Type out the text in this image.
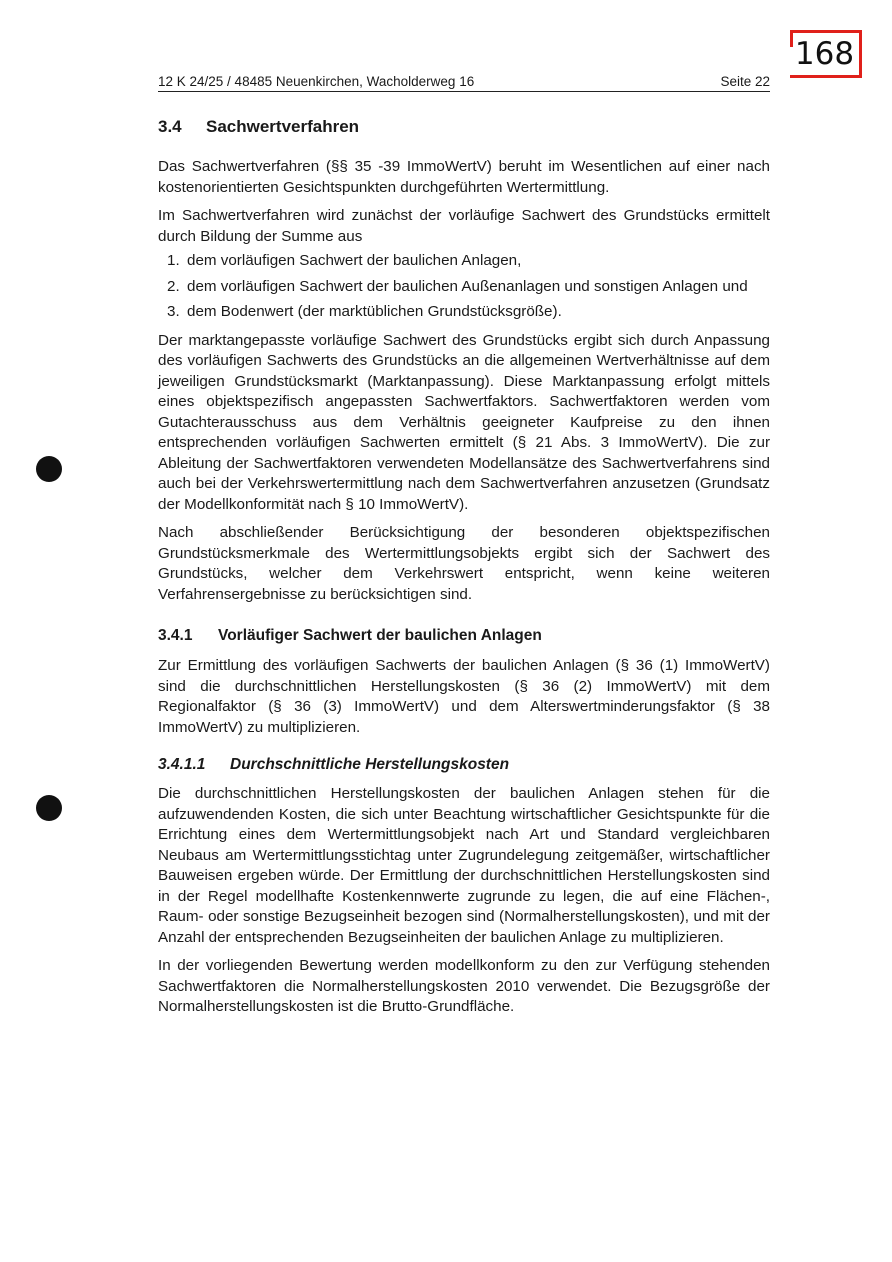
168
12 K 24/25 / 48485 Neuenkirchen, Wacholderweg 16	Seite 22
3.4 Sachwertverfahren

Das Sachwertverfahren (§§ 35 -39 ImmoWertV) beruht im Wesentlichen auf einer nach kostenorientierten Gesichtspunkten durchgeführten Wertermittlung.

Im Sachwertverfahren wird zunächst der vorläufige Sachwert des Grundstücks ermittelt durch Bildung der Summe aus

1. dem vorläufigen Sachwert der baulichen Anlagen,
2. dem vorläufigen Sachwert der baulichen Außenanlagen und sonstigen Anlagen und
3. dem Bodenwert (der marktüblichen Grundstücksgröße).

Der marktangepasste vorläufige Sachwert des Grundstücks ergibt sich durch Anpassung des vorläufigen Sachwerts des Grundstücks an die allgemeinen Wertverhältnisse auf dem jeweiligen Grundstücksmarkt (Marktanpassung). Diese Marktanpassung erfolgt mittels eines objektspezifisch angepassten Sachwertfaktors. Sachwertfaktoren werden vom Gutachterausschuss aus dem Verhältnis geeigneter Kaufpreise zu den ihnen entsprechenden vorläufigen Sachwerten ermittelt (§ 21 Abs. 3 ImmoWertV). Die zur Ableitung der Sachwertfaktoren verwendeten Modellansätze des Sachwertverfahrens sind auch bei der Verkehrswertermittlung nach dem Sachwertverfahren anzusetzen (Grundsatz der Modellkonformität nach § 10 ImmoWertV).

Nach abschließender Berücksichtigung der besonderen objektspezifischen Grundstücksmerkmale des Wertermittlungsobjekts ergibt sich der Sachwert des Grundstücks, welcher dem Verkehrswert entspricht, wenn keine weiteren Verfahrensergebnisse zu berücksichtigen sind.

3.4.1 Vorläufiger Sachwert der baulichen Anlagen

Zur Ermittlung des vorläufigen Sachwerts der baulichen Anlagen (§ 36 (1) ImmoWertV) sind die durchschnittlichen Herstellungskosten (§ 36 (2) ImmoWertV) mit dem Regionalfaktor (§ 36 (3) ImmoWertV) und dem Alterswertminderungsfaktor (§ 38 ImmoWertV) zu multiplizieren.

3.4.1.1 Durchschnittliche Herstellungskosten

Die durchschnittlichen Herstellungskosten der baulichen Anlagen stehen für die aufzuwendenden Kosten, die sich unter Beachtung wirtschaftlicher Gesichtspunkte für die Errichtung eines dem Wertermittlungsobjekt nach Art und Standard vergleichbaren Neubaus am Wertermittlungsstichtag unter Zugrundelegung zeitgemäßer, wirtschaftlicher Bauweisen ergeben würde. Der Ermittlung der durchschnittlichen Herstellungskosten sind in der Regel modellhafte Kostenkennwerte zugrunde zu legen, die auf eine Flächen-, Raum- oder sonstige Bezugseinheit bezogen sind (Normalherstellungskosten), und mit der Anzahl der entsprechenden Bezugseinheiten der baulichen Anlage zu multiplizieren.

In der vorliegenden Bewertung werden modellkonform zu den zur Verfügung stehenden Sachwertfaktoren die Normalherstellungskosten 2010 verwendet. Die Bezugsgröße der Normalherstellungskosten ist die Brutto-Grundfläche.
